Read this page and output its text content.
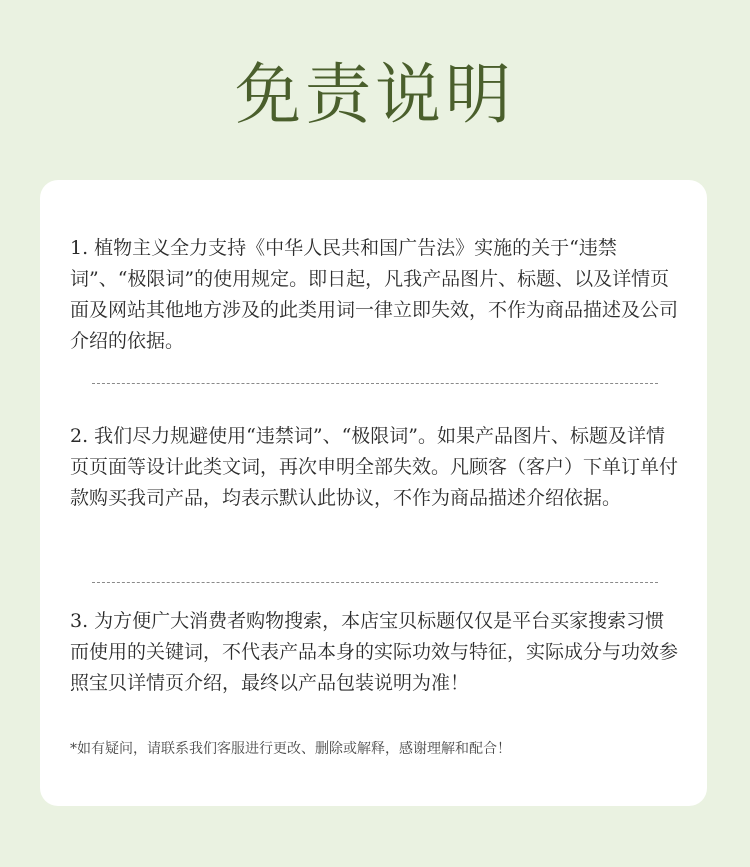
免责说明

1. 植物主义全力支持《中华人民共和国广告法》实施的关于“违禁词”、“极限词”的使用规定。即日起，凡我产品图片、标题、以及详情页面及网站其他地方涉及的此类用词一律立即失效，不作为商品描述及公司介绍的依据。

2. 我们尽力规避使用“违禁词”、“极限词”。如果产品图片、标题及详情页页面等设计此类文词，再次申明全部失效。凡顾客（客户）下单订单付款购买我司产品，均表示默认此协议，不作为商品描述介绍依据。

3. 为方便广大消费者购物搜索，本店宝贝标题仅仅是平台买家搜索习惯而使用的关键词，不代表产品本身的实际功效与特征，实际成分与功效参照宝贝详情页介绍，最终以产品包装说明为准！

*如有疑问，请联系我们客服进行更改、删除或解释，感谢理解和配合！
